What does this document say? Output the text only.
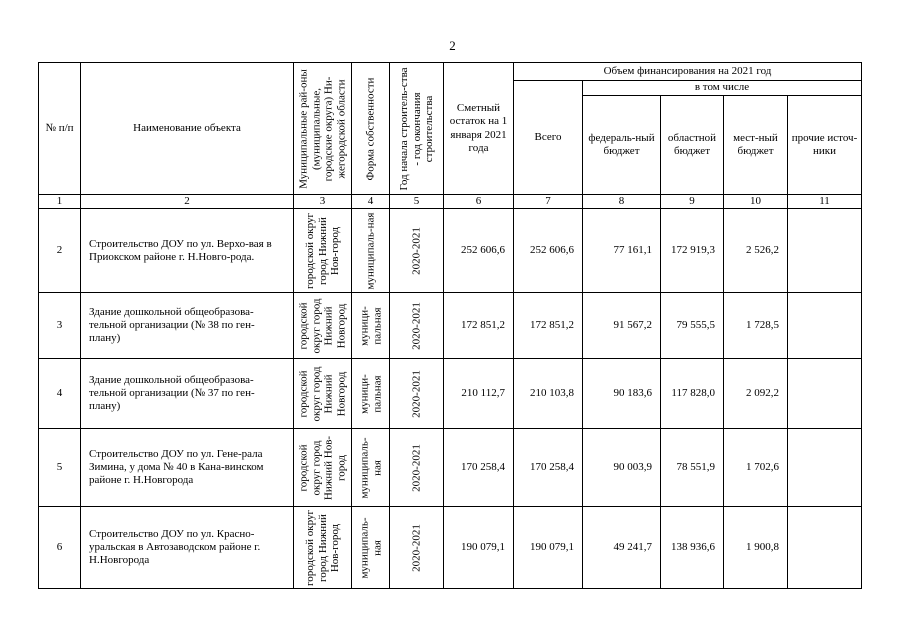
2
№ п/п	Наименование объекта	Муниципальные рай-оны (муниципальные, городские округа) Ни-жегородской области	Форма собственности	Год начала строитель-ства - год окончания строительства	Сметный остаток на 1 января 2021 года	Объем финансирования на 2021 год				
						Всего	в том числе			
							федераль-ный бюджет	областной бюджет	мест-ный бюджет	прочие источ-ники
1	2	3	4	5	6	7	8	9	10	11
2	Строительство ДОУ по ул. Верхо-вая в Приокском районе г. Н.Новго-рода.	городской округ город Нижний Нов-город	муниципаль-ная	2020-2021	252 606,6	252 606,6	77 161,1	172 919,3	2 526,2	
3	Здание дошкольной общеобразова-тельной организации (№ 38 по ген-плану)	городской округ город Нижний Новгород	муници-пальная	2020-2021	172 851,2	172 851,2	91 567,2	79 555,5	1 728,5	
4	Здание дошкольной общеобразова-тельной организации (№ 37 по ген-плану)	городской округ город Нижний Новгород	муници-пальная	2020-2021	210 112,7	210 103,8	90 183,6	117 828,0	2 092,2	
5	Строительство ДОУ по ул. Гене-рала Зимина, у дома № 40 в Кана-винском районе г. Н.Новгорода	городской округ город Нижний Нов-город	муниципаль-ная	2020-2021	170 258,4	170 258,4	90 003,9	78 551,9	1 702,6	
6	Строительство ДОУ по ул. Красно-уральская в Автозаводском районе г. Н.Новгорода	городской округ город Нижний Нов-город	муниципаль-ная	2020-2021	190 079,1	190 079,1	49 241,7	138 936,6	1 900,8	
